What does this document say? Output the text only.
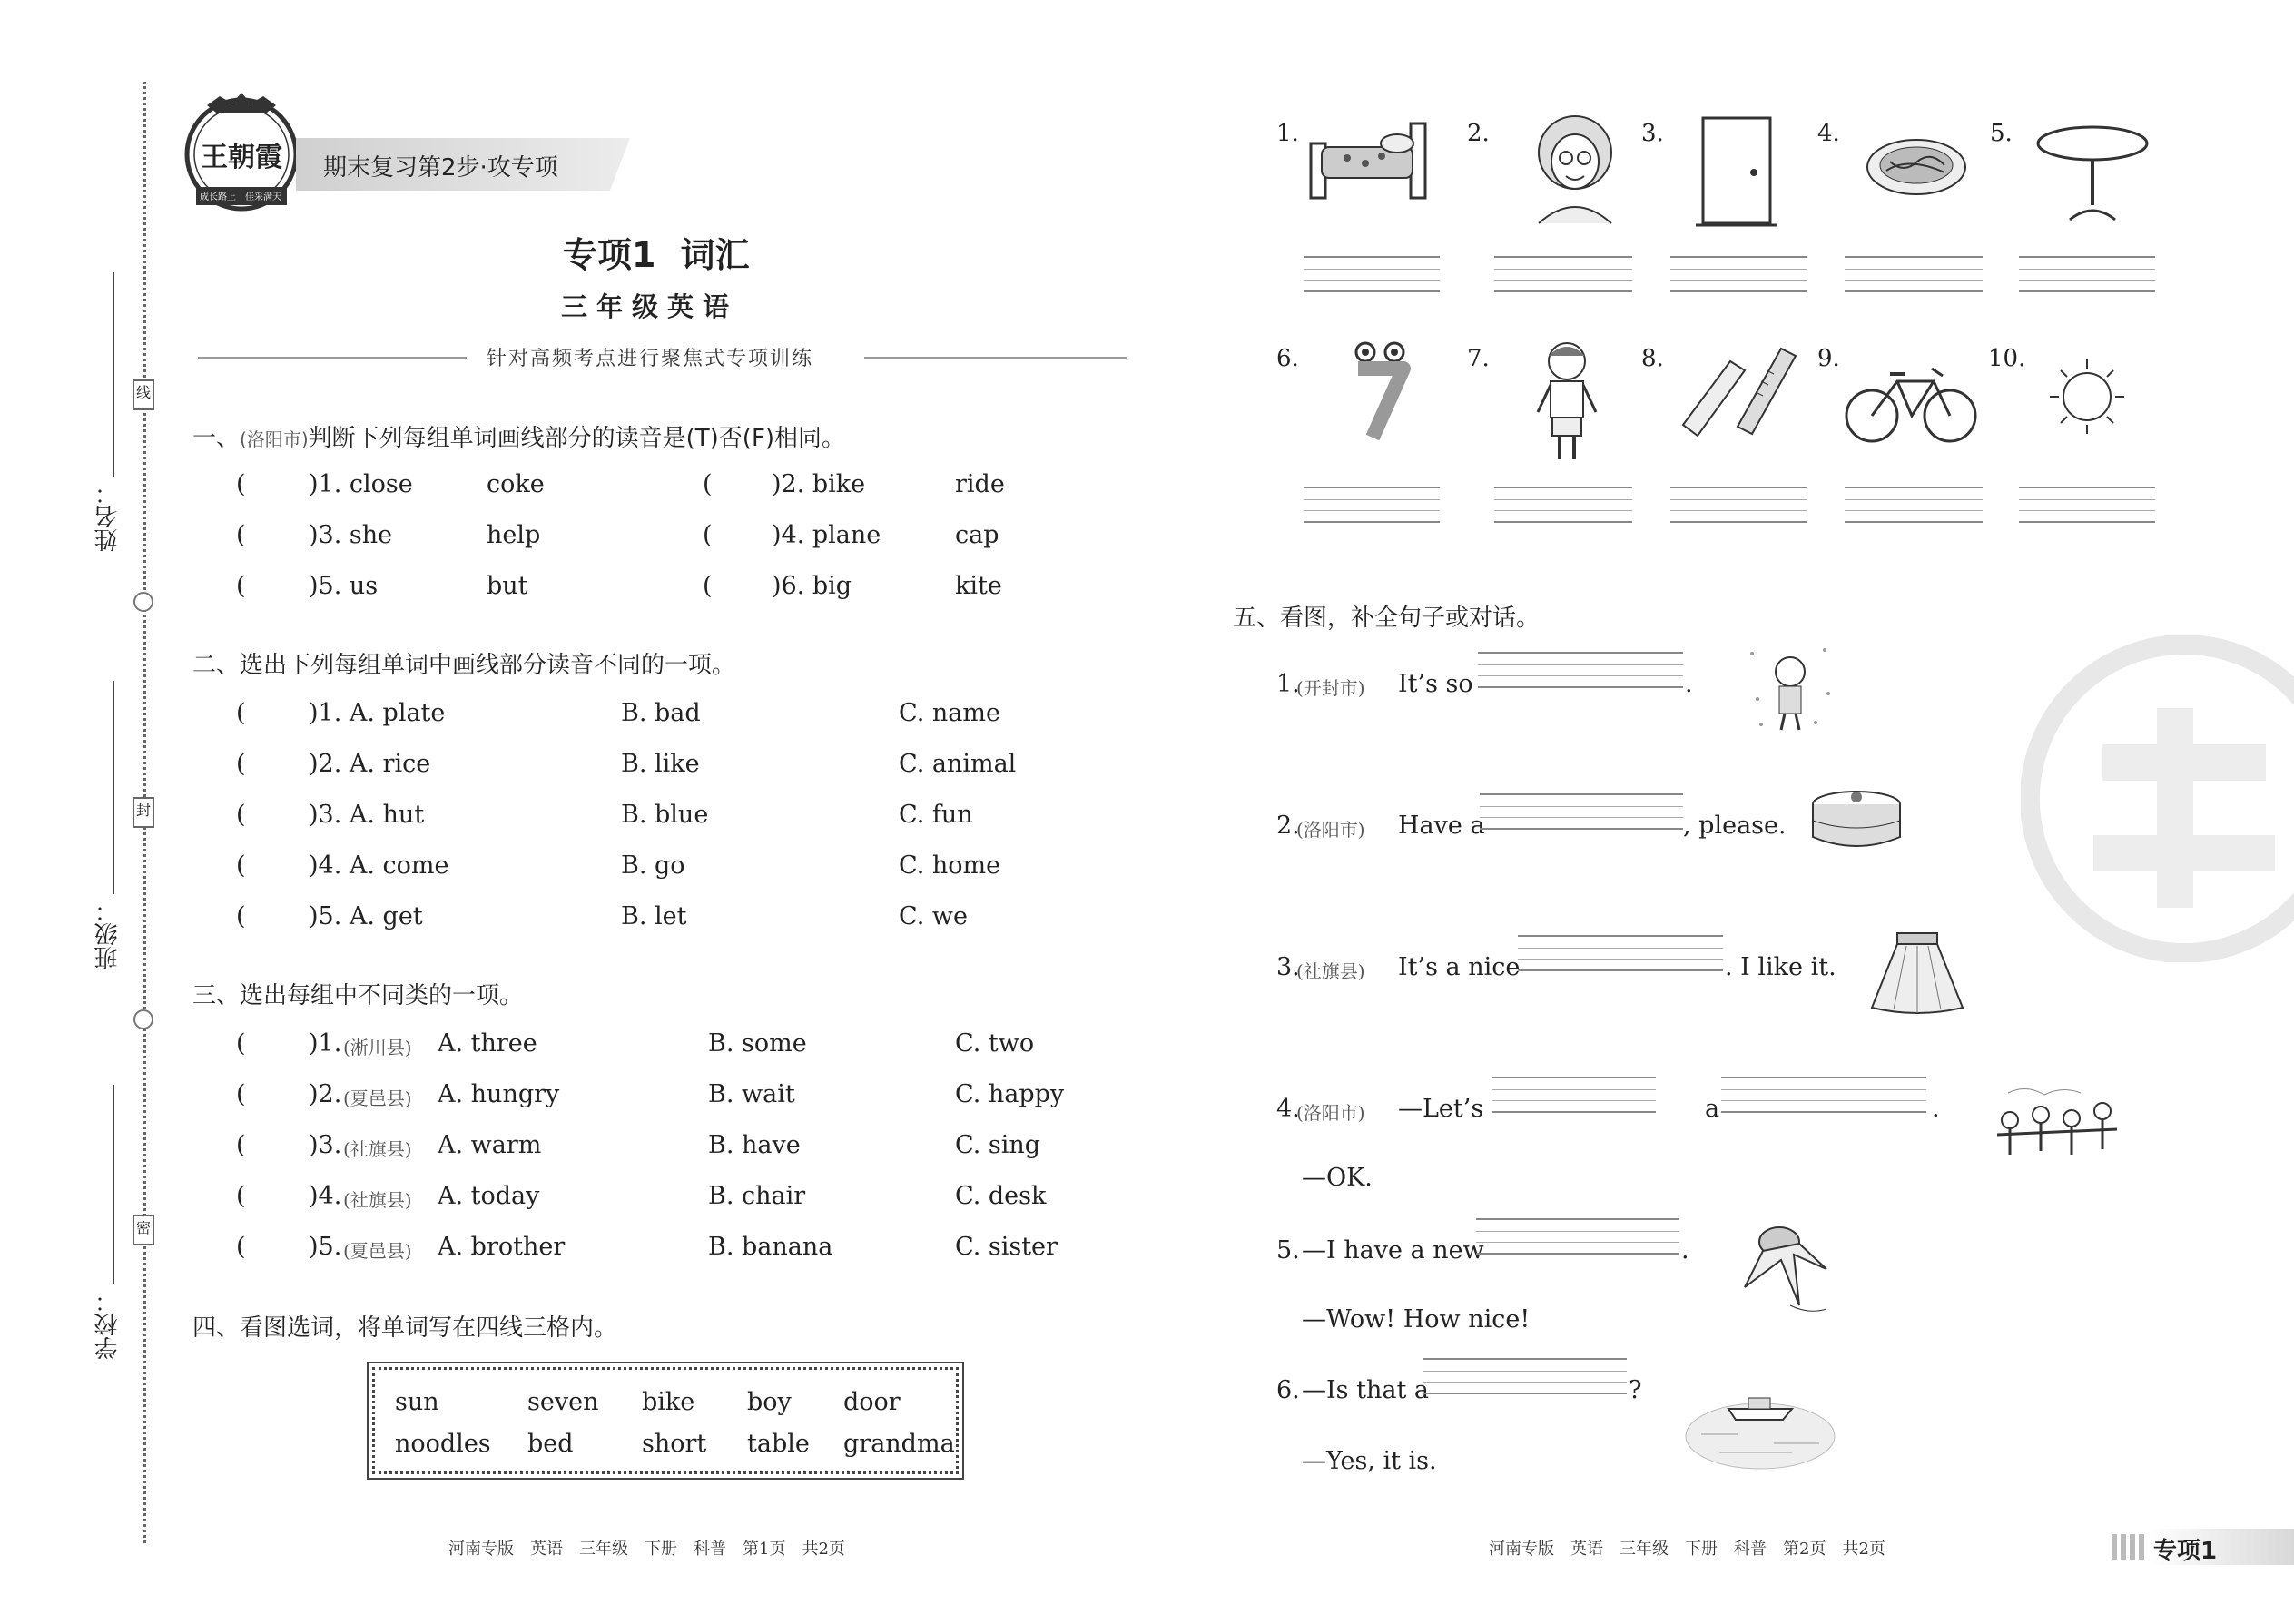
线
封
密
姓名：
班级：
学校：
王朝霞
成长路上 佳采满天
期末复习第2步·攻专项
专项1 词汇
三年级英语
针对高频考点进行聚焦式专项训练
一、(洛阳市)判断下列每组单词画线部分的读音是(T)否(F)相同。
(	)1. close	coke	( )2. bike	ride
(	)3. she	help	( )4. plane	cap
(	)5. us	but	( )6. big	kite
二、选出下列每组单词中画线部分读音不同的一项。
(	)1. A. plate	B. bad	C. name
(	)2. A. rice	B. like	C. animal
(	)3. A. hut	B. blue	C. fun
(	)4. A. come	B. go	C. home
(	)5. A. get	B. let	C. we
三、选出每组中不同类的一项。
(	)1. (淅川县) A. three	B. some	C. two
(	)2. (夏邑县) A. hungry	B. wait	C. happy
(	)3. (社旗县) A. warm	B. have	C. sing
(	)4. (社旗县) A. today	B. chair	C. desk
(	)5. (夏邑县) A. brother	B. banana	C. sister
四、看图选词，将单词写在四线三格内。
sun	seven bike boy door
noodles bed	short table grandma
河南专版　英语　三年级　下册　科普　第1页　共2页
1.	2.	3.	4.	5.
6.	7.	8.	9.	10.
五、看图，补全句子或对话。
1.
(开封市) It’s so	.
2.
(洛阳市) Have a	, please.
3.
(社旗县) It’s a nice	. I like it.
4.
(洛阳市) —Let’s	a	.
—OK.
5. —I have a new	.
—Wow! How nice!
6. —Is that a	?
—Yes, it is.
河南专版　英语　三年级　下册　科普　第2页　共2页	专项1
